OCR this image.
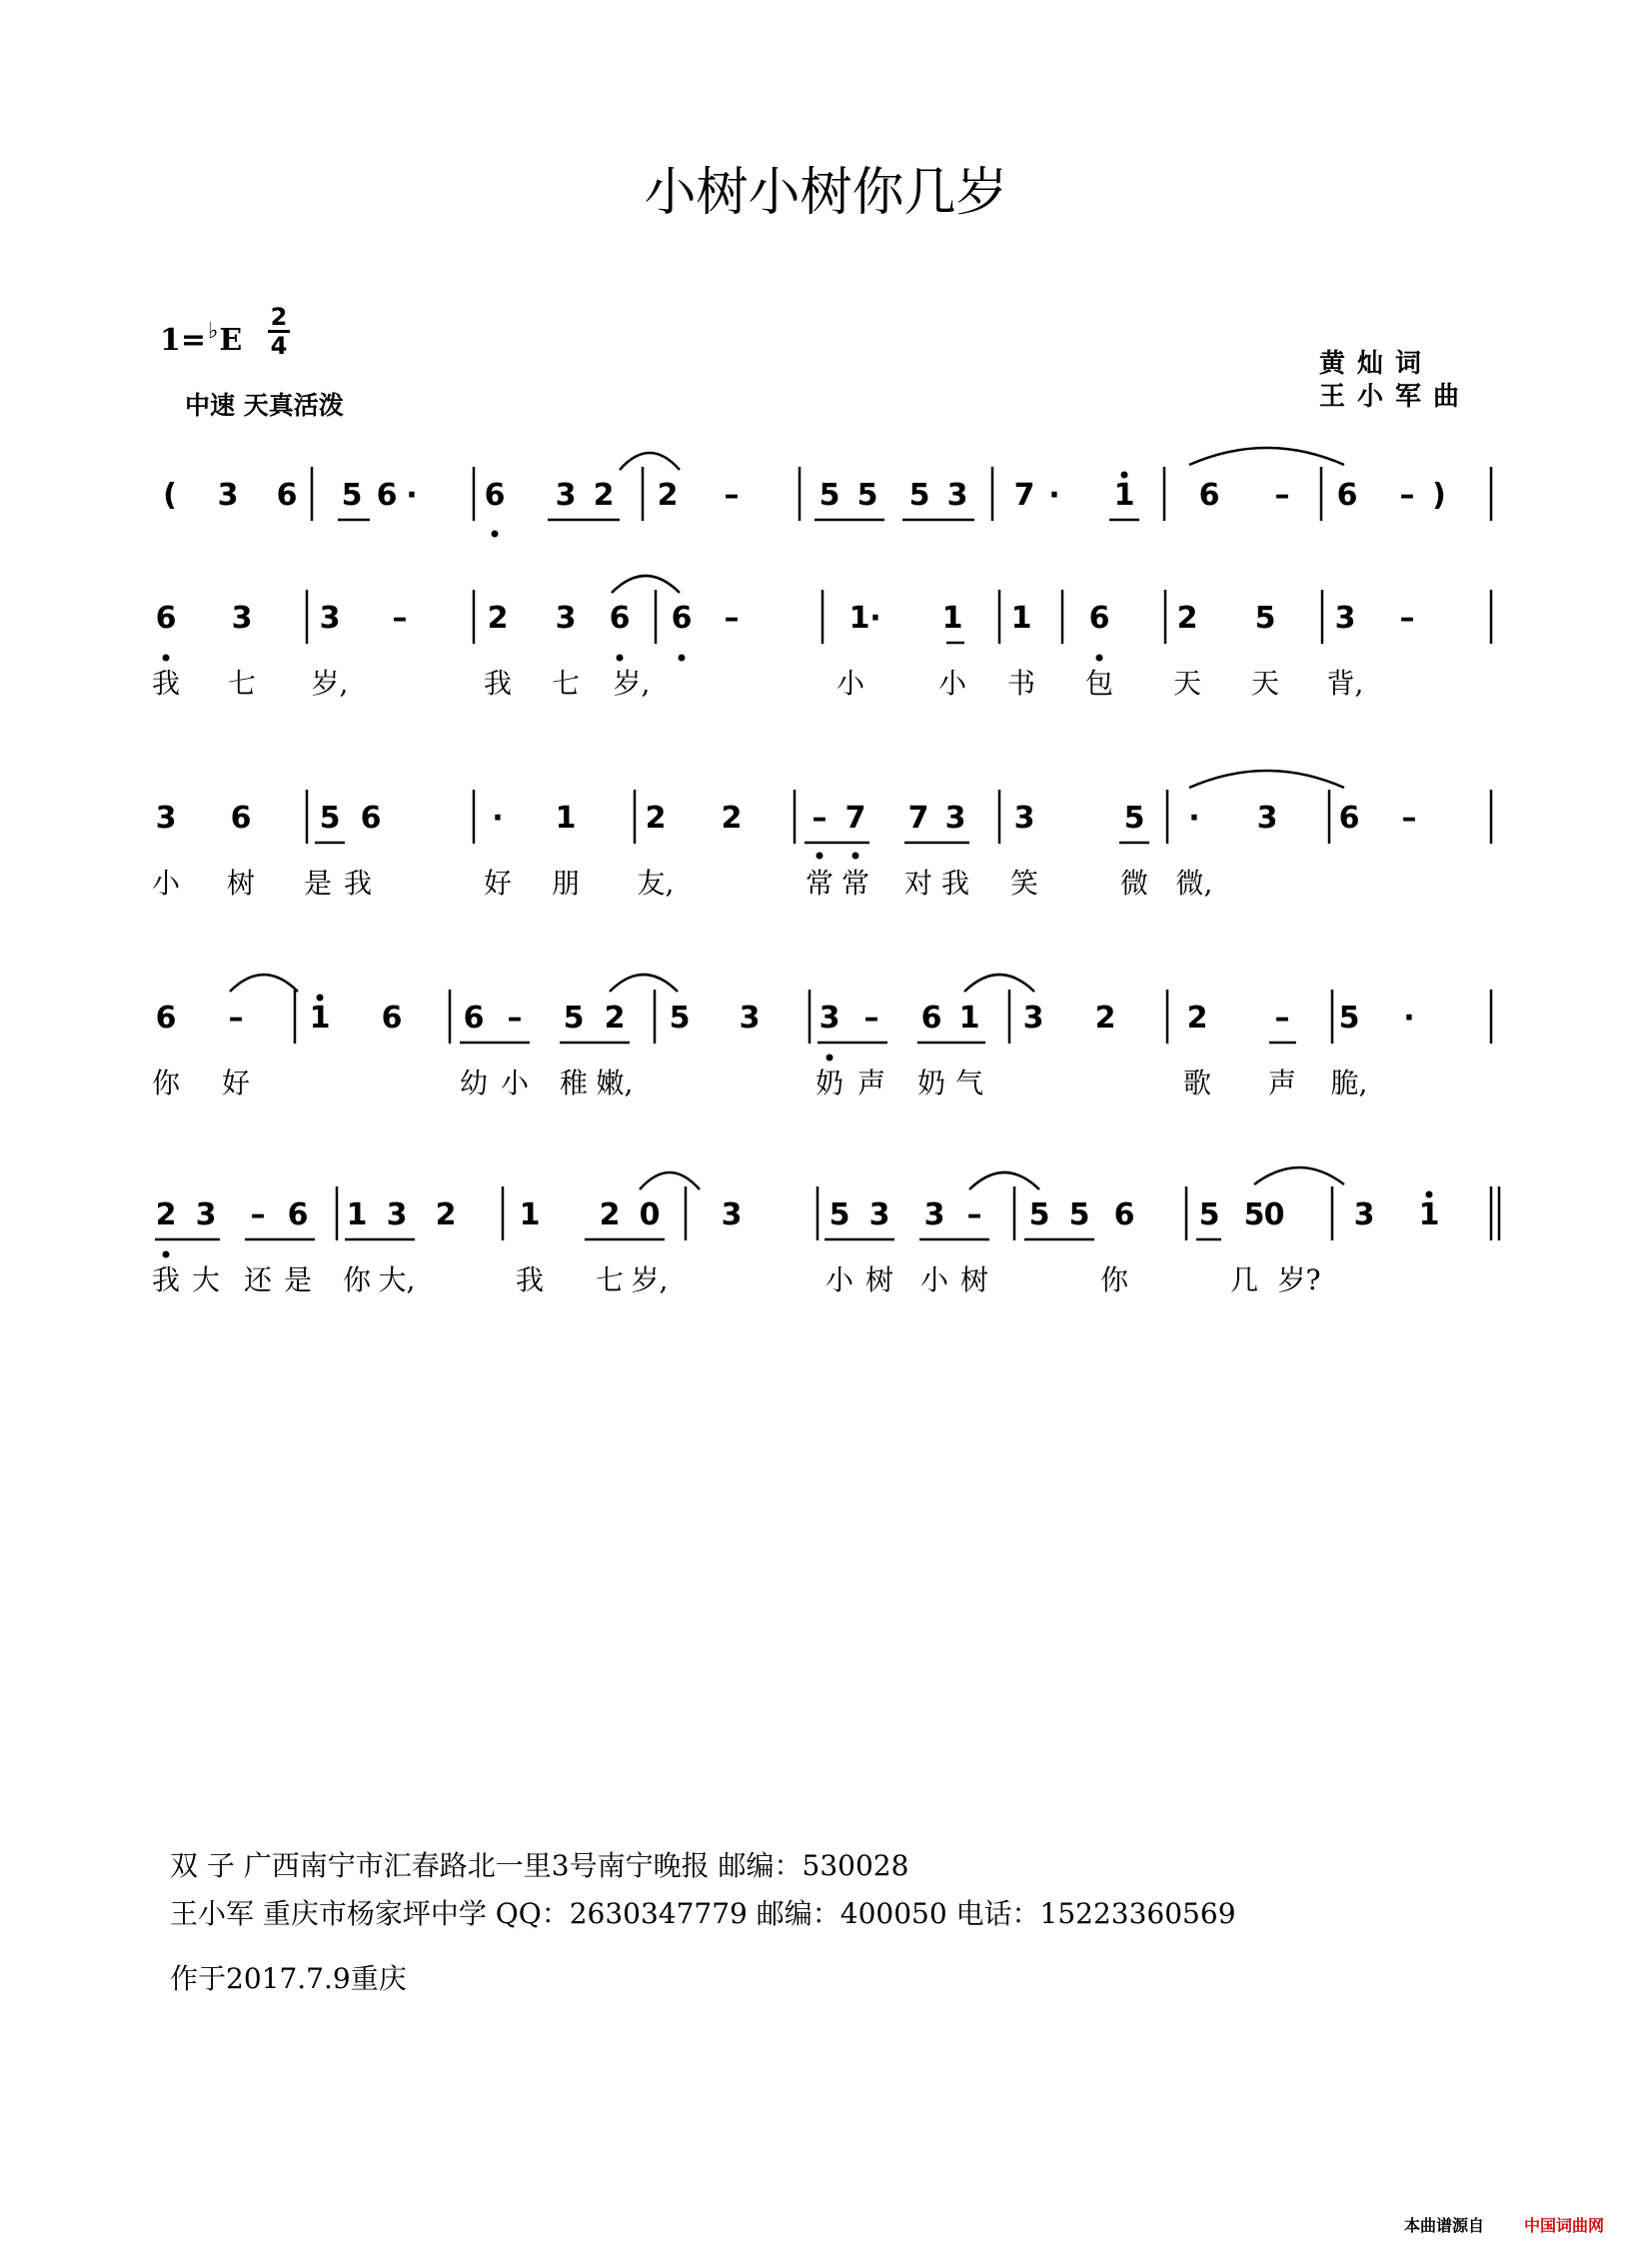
小树小树你几岁
1=♭E
2
4
中速 天真活泼
黄灿词
王小军曲
3 6 5 6 · 6 3 2 2 –	5 5 5 3 7 · 1 6 – 6 –
(	)
6 3 3 –	2 3 6 6 –	1 · 1 1 6 2 5 3 –
我 七 岁,	我 七 岁,	小	小 书 包 天 天 背,
3 6 5 6	· 1 2 2 – 7 7 3 3	5 · 3 6 –
小 树 是 我	好 朋 友,	常 常 对 我 笑	微 微,
6 – 1 6 6 – 5 2 5 3 3 – 6 1 3 2 2 – 5 ·
你 好	幼 小 稚 嫩,	奶 声 奶 气	歌 声 脆,
2 3 – 6 1 3 2 1 2 0 3	5 3 3 – 5 5 6 5 5 0 3 1
我 大 还 是 你 大,	我 七 岁,	小 树 小 树	你	几 岁?
双 子 广西南宁市汇春路北一里3号南宁晚报 邮编：530028
王小军 重庆市杨家坪中学 QQ：2630347779 邮编：400050 电话：15223360569
作于2017.7.9重庆
本曲谱源自 中国词曲网
